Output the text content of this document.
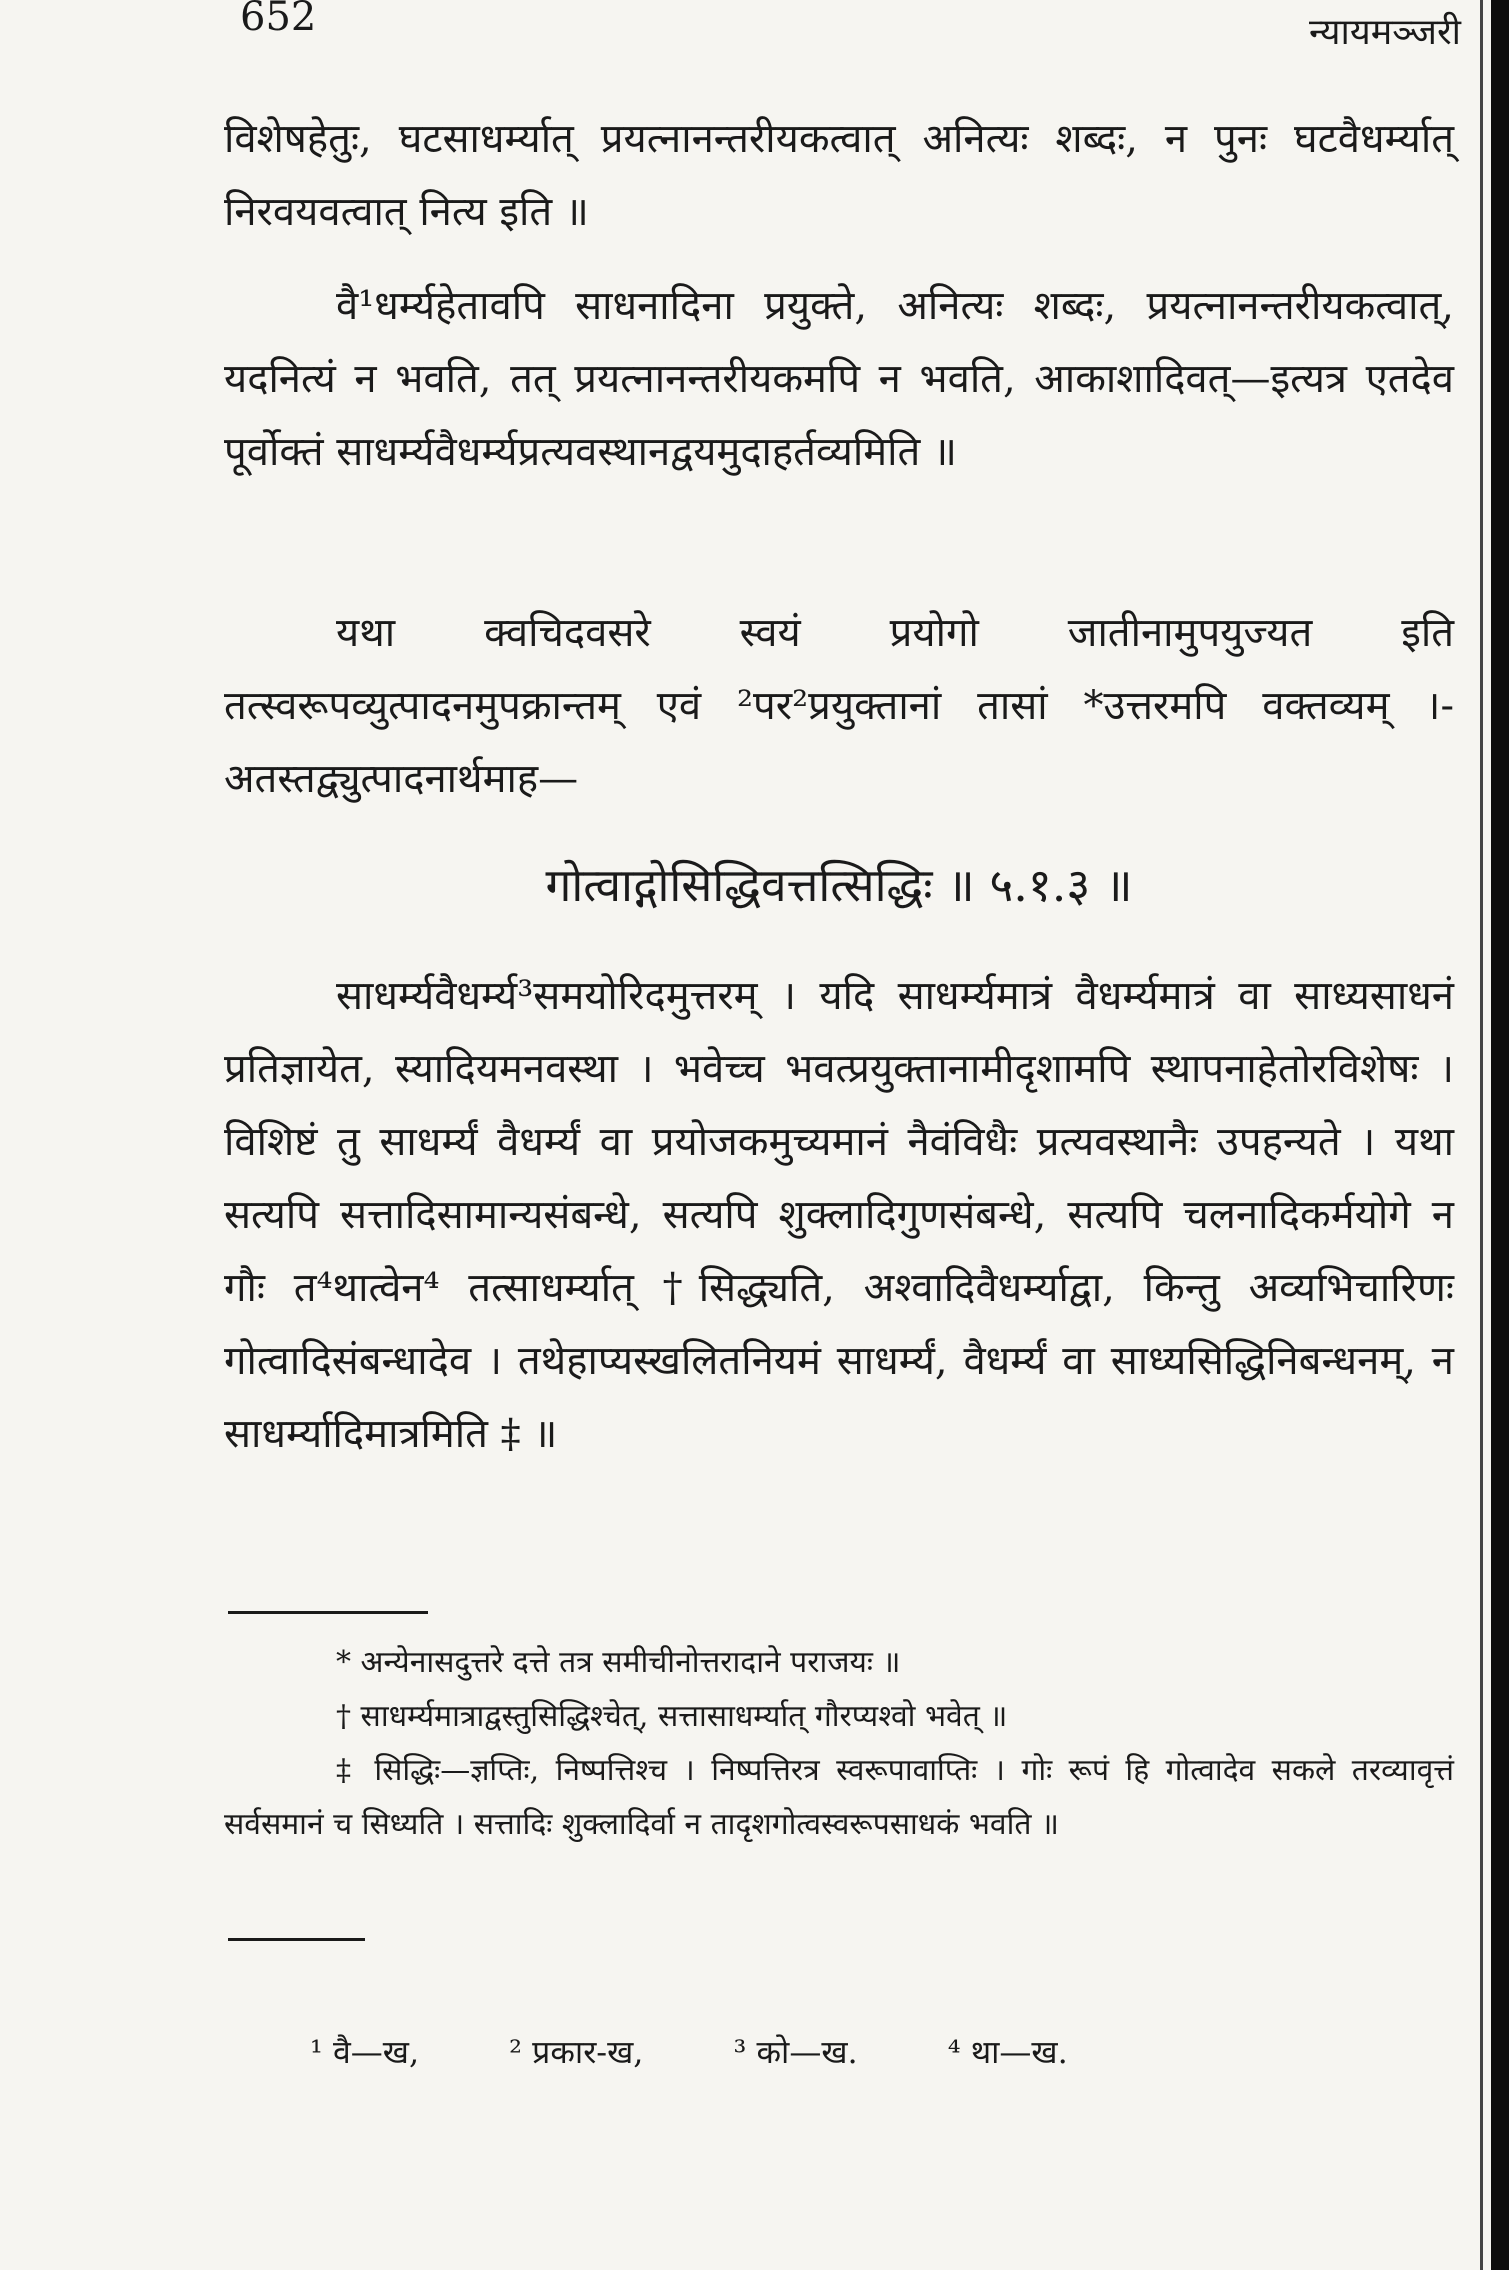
652	न्यायमञ्जरी
विशेषहेतुः, घटसाधर्म्यात् प्रयत्नानन्तरीयकत्वात् अनित्यः शब्दः, न पुनः घटवैधर्म्यात् निरवयवत्वात् नित्य इति ॥
वै¹धर्म्यहेतावपि साधनादिना प्रयुक्ते, अनित्यः शब्दः, प्रयत्नानन्तरीयकत्वात्, यदनित्यं न भवति, तत् प्रयत्नानन्तरीयकमपि न भवति, आकाशादिवत्—इत्यत्र एतदेव पूर्वोक्तं साधर्म्यवैधर्म्यप्रत्यवस्थानद्वयमुदाहर्तव्यमिति ॥
यथा क्वचिदवसरे स्वयं प्रयोगो जातीनामुपयुज्यत इति तत्स्वरूपव्युत्पादनमुपक्रान्तम् एवं ²पर²प्रयुक्तानां तासां *उत्तरमपि वक्तव्यम् ।- अतस्तद्व्युत्पादनार्थमाह—
गोत्वाद्गोसिद्धिवत्तत्सिद्धिः ॥ ५.१.३ ॥
साधर्म्यवैधर्म्य³समयोरिदमुत्तरम् । यदि साधर्म्यमात्रं वैधर्म्यमात्रं वा साध्यसाधनं प्रतिज्ञायेत, स्यादियमनवस्था । भवेच्च भवत्प्रयुक्तानामीदृशामपि स्थापनाहेतोरविशेषः । विशिष्टं तु साधर्म्यं वैधर्म्यं वा प्रयोजकमुच्यमानं नैवंविधैः प्रत्यवस्थानैः उपहन्यते । यथा सत्यपि सत्तादिसामान्यसंबन्धे, सत्यपि शुक्लादिगुणसंबन्धे, सत्यपि चलनादिकर्मयोगे न गौः त⁴थात्वेन⁴ तत्साधर्म्यात् †सिद्ध्यति, अश्वादिवैधर्म्याद्वा, किन्तु अव्यभिचारिणः गोत्वादिसंबन्धादेव । तथेहाप्यस्खलितनियमं साधर्म्यं, वैधर्म्यं वा साध्यसिद्धिनिबन्धनम्, न साधर्म्यादिमात्रमिति ‡ ॥
* अन्येनासदुत्तरे दत्ते तत्र समीचीनोत्तरादाने पराजयः ॥
† साधर्म्यमात्राद्वस्तुसिद्धिश्चेत्, सत्तासाधर्म्यात् गौरप्यश्वो भवेत् ॥
‡ सिद्धिः—ज्ञप्तिः, निष्पत्तिश्च । निष्पत्तिरत्र स्वरूपावाप्तिः । गोः रूपं हि गोत्वादेव सकले तरव्यावृत्तं सर्वसमानं च सिध्यति । सत्तादिः शुक्लादिर्वा न तादृशगोत्वस्वरूपसाधकं भवति ॥
¹ वै—ख,	² प्रकार-ख,	³ को—ख.	⁴ था—ख.
